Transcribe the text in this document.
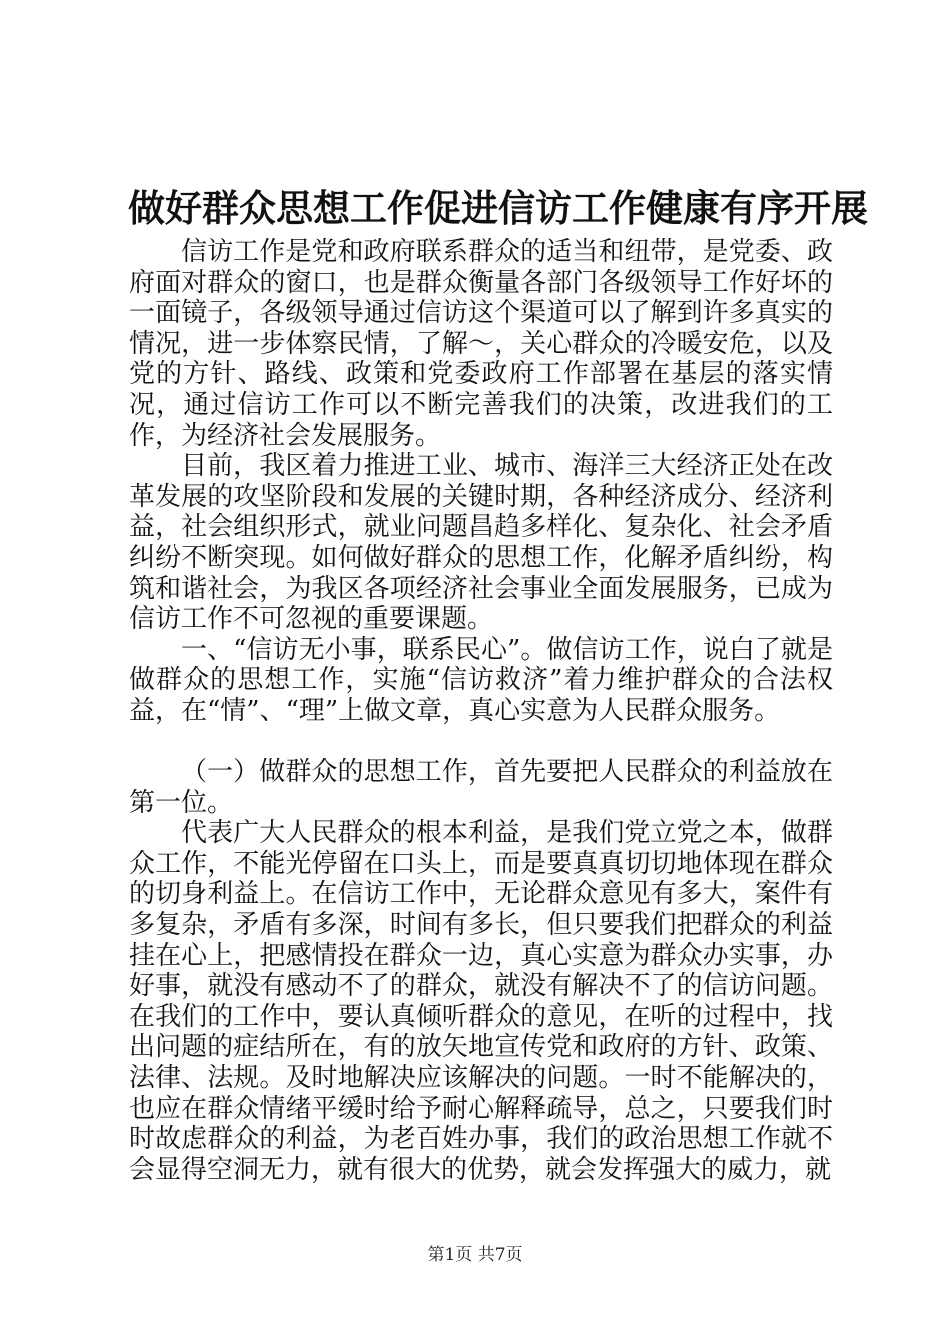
做好群众思想工作促进信访工作健康有序开展

信访工作是党和政府联系群众的适当和纽带，是党委、政府面对群众的窗口，也是群众衡量各部门各级领导工作好坏的一面镜子，各级领导通过信访这个渠道可以了解到许多真实的情况，进一步体察民情，了解～，关心群众的冷暖安危，以及党的方针、路线、政策和党委政府工作部署在基层的落实情况，通过信访工作可以不断完善我们的决策，改进我们的工作，为经济社会发展服务。

目前，我区着力推进工业、城市、海洋三大经济正处在改革发展的攻坚阶段和发展的关键时期，各种经济成分、经济利益，社会组织形式，就业问题昌趋多样化、复杂化、社会矛盾纠纷不断突现。如何做好群众的思想工作，化解矛盾纠纷，构筑和谐社会，为我区各项经济社会事业全面发展服务，已成为信访工作不可忽视的重要课题。

一、“信访无小事，联系民心”。做信访工作，说白了就是做群众的思想工作，实施“信访救济”着力维护群众的合法权益，在“情”、“理”上做文章，真心实意为人民群众服务。

（一）做群众的思想工作，首先要把人民群众的利益放在第一位。

代表广大人民群众的根本利益，是我们党立党之本，做群众工作，不能光停留在口头上，而是要真真切切地体现在群众的切身利益上。在信访工作中，无论群众意见有多大，案件有多复杂，矛盾有多深，时间有多长，但只要我们把群众的利益挂在心上，把感情投在群众一边，真心实意为群众办实事，办好事，就没有感动不了的群众，就没有解决不了的信访问题。在我们的工作中，要认真倾听群众的意见，在听的过程中，找出问题的症结所在，有的放矢地宣传党和政府的方针、政策、法律、法规。及时地解决应该解决的问题。一时不能解决的，也应在群众情绪平缓时给予耐心解释疏导，总之，只要我们时时故虑群众的利益，为老百姓办事，我们的政治思想工作就不会显得空洞无力，就有很大的优势，就会发挥强大的威力，就

第1页 共7页
